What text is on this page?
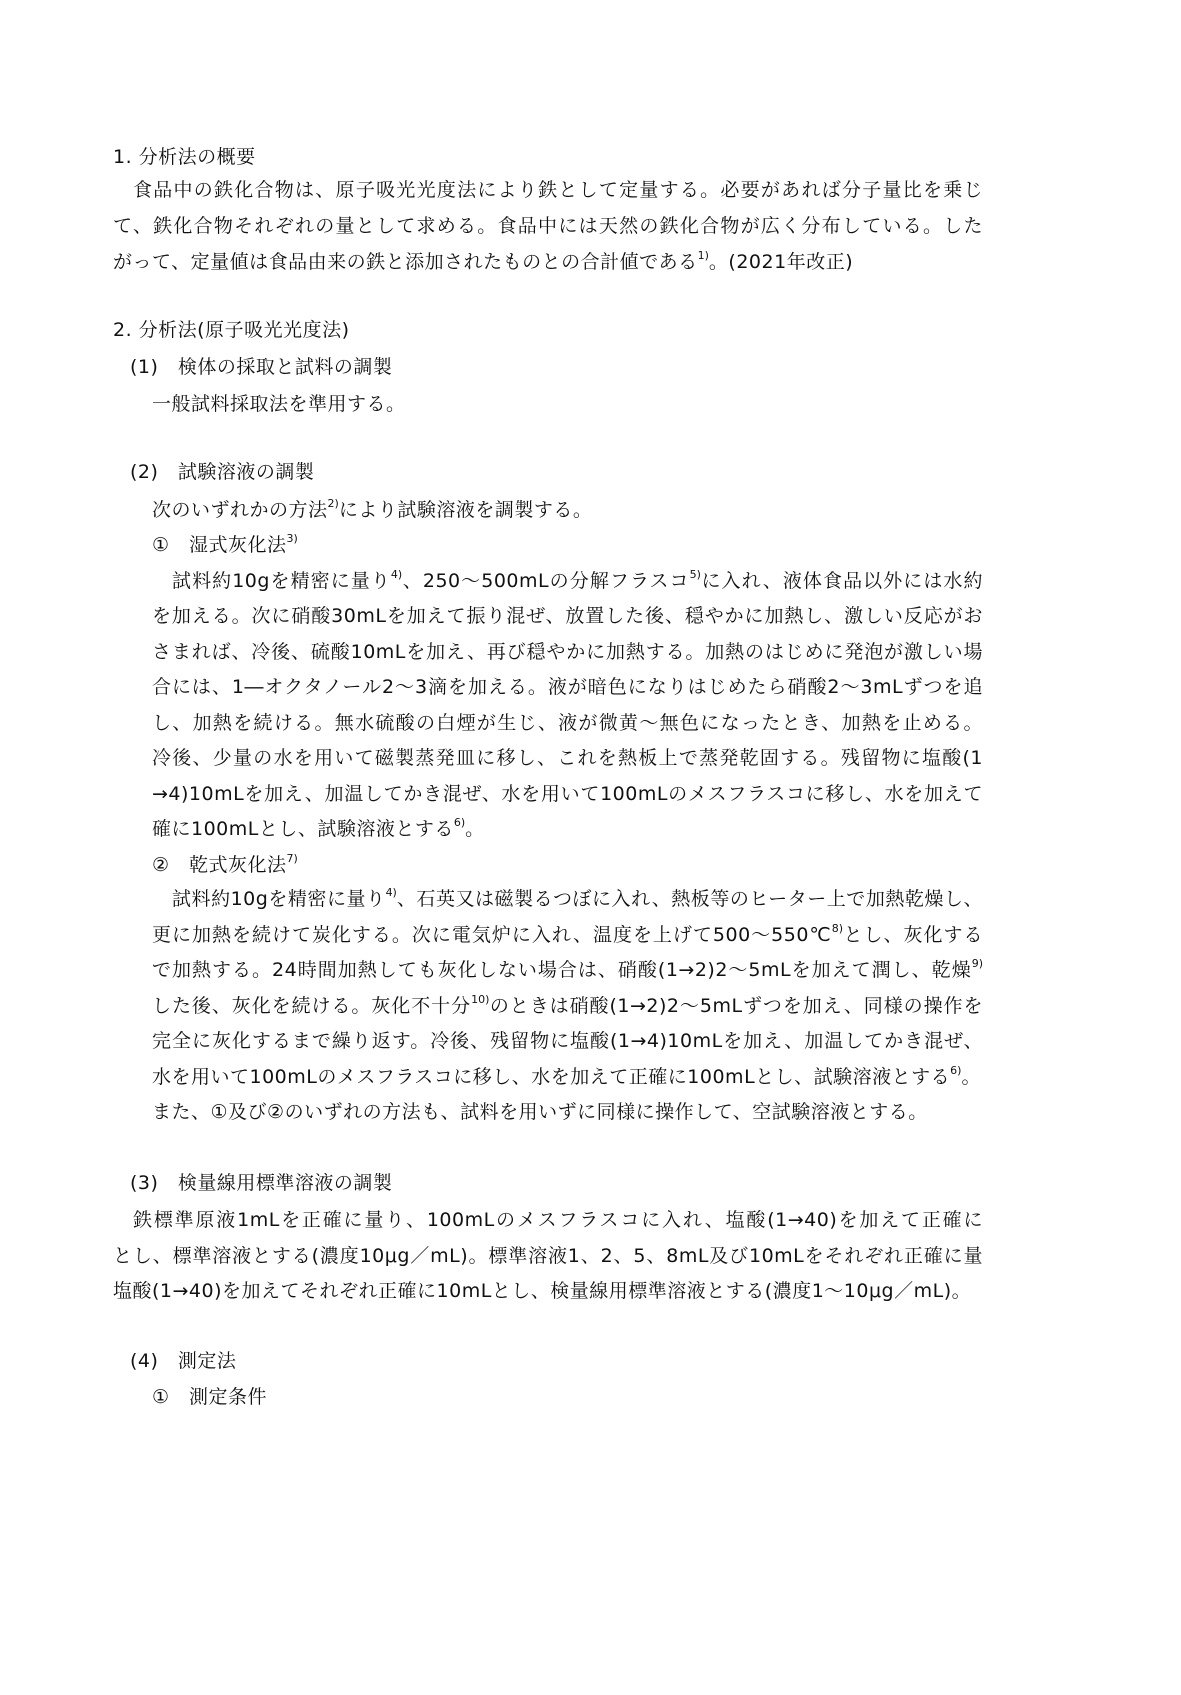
1. 分析法の概要
食品中の鉄化合物は、原子吸光光度法により鉄として定量する。必要があれば分子量比を乗じ
て、鉄化合物それぞれの量として求める。食品中には天然の鉄化合物が広く分布している。した
がって、定量値は食品由来の鉄と添加されたものとの合計値である$^{1)}$。(2021年改正)
2. 分析法(原子吸光光度法)
(1)　検体の採取と試料の調製
一般試料採取法を準用する。
(2)　試験溶液の調製
次のいずれかの方法$^{2)}$により試験溶液を調製する。
①　湿式灰化法$^{3)}$
試料約10gを精密に量り$^{4)}$、250～500mLの分解フラスコ$^{5)}$に入れ、液体食品以外には水約
を加える。次に硝酸30mLを加えて振り混ぜ、放置した後、穏やかに加熱し、激しい反応がお
さまれば、冷後、硫酸10mLを加え、再び穏やかに加熱する。加熱のはじめに発泡が激しい場
合には、1―オクタノール2～3滴を加える。液が暗色になりはじめたら硝酸2～3mLずつを追
し、加熱を続ける。無水硫酸の白煙が生じ、液が微黄～無色になったとき、加熱を止める。
冷後、少量の水を用いて磁製蒸発皿に移し、これを熱板上で蒸発乾固する。残留物に塩酸(1
→4)10mLを加え、加温してかき混ぜ、水を用いて100mLのメスフラスコに移し、水を加えて
確に100mLとし、試験溶液とする$^{6)}$。
②　乾式灰化法$^{7)}$
試料約10gを精密に量り$^{4)}$、石英又は磁製るつぼに入れ、熱板等のヒーター上で加熱乾燥し、
更に加熱を続けて炭化する。次に電気炉に入れ、温度を上げて500～550℃$^{8)}$とし、灰化する
で加熱する。24時間加熱しても灰化しない場合は、硝酸(1→2)2～5mLを加えて潤し、乾燥$^{9)}$
した後、灰化を続ける。灰化不十分$^{10)}$のときは硝酸(1→2)2～5mLずつを加え、同様の操作を
完全に灰化するまで繰り返す。冷後、残留物に塩酸(1→4)10mLを加え、加温してかき混ぜ、
水を用いて100mLのメスフラスコに移し、水を加えて正確に100mLとし、試験溶液とする$^{6)}$。
また、①及び②のいずれの方法も、試料を用いずに同様に操作して、空試験溶液とする。
(3)　検量線用標準溶液の調製
鉄標準原液1mLを正確に量り、100mLのメスフラスコに入れ、塩酸(1→40)を加えて正確に
とし、標準溶液とする(濃度10μg／mL)。標準溶液1、2、5、8mL及び10mLをそれぞれ正確に量
塩酸(1→40)を加えてそれぞれ正確に10mLとし、検量線用標準溶液とする(濃度1～10μg／mL)。
(4)　測定法
①　測定条件
